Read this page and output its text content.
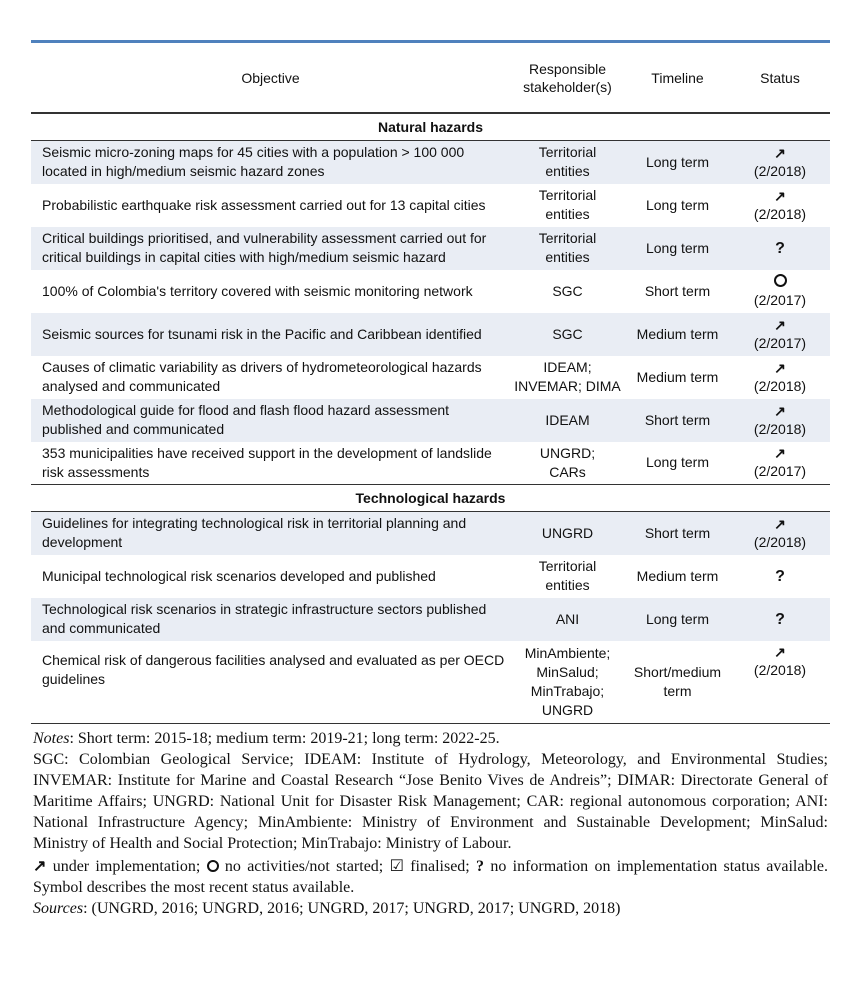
Objective	Responsible stakeholder(s)	Timeline	Status
Natural hazards			
Seismic micro-zoning maps for 45 cities with a population > 100 000 located in high/medium seismic hazard zones	Territorial entities	Long term	↗
(2/2018)
Probabilistic earthquake risk assessment carried out for 13 capital cities	Territorial entities	Long term	↗
(2/2018)
Critical buildings prioritised, and vulnerability assessment carried out for critical buildings in capital cities with high/medium seismic hazard	Territorial entities	Long term	?
100% of Colombia's territory covered with seismic monitoring network	SGC	Short term	(2/2017)
Seismic sources for tsunami risk in the Pacific and Caribbean identified	SGC	Medium term	↗
(2/2017)
Causes of climatic variability as drivers of hydrometeorological hazards analysed and communicated	IDEAM; INVEMAR; DIMA	Medium term	↗
(2/2018)
Methodological guide for flood and flash flood hazard assessment published and communicated	IDEAM	Short term	↗
(2/2018)
353 municipalities have received support in the development of landslide risk assessments	UNGRD; CARs	Long term	↗
(2/2017)
Technological hazards			
Guidelines for integrating technological risk in territorial planning and development	UNGRD	Short term	↗
(2/2018)
Municipal technological risk scenarios developed and published	Territorial entities	Medium term	?
Technological risk scenarios in strategic infrastructure sectors published and communicated	ANI	Long term	?
Chemical risk of dangerous facilities analysed and evaluated as per OECD guidelines	MinAmbiente; MinSalud; MinTrabajo; UNGRD	Short/medium term	↗
(2/2018)

Notes: Short term: 2015-18; medium term: 2019-21; long term: 2022-25.

SGC: Colombian Geological Service; IDEAM: Institute of Hydrology, Meteorology, and Environmental Studies; INVEMAR: Institute for Marine and Coastal Research “Jose Benito Vives de Andreis”; DIMAR: Directorate General of Maritime Affairs; UNGRD: National Unit for Disaster Risk Management; CAR: regional autonomous corporation; ANI: National Infrastructure Agency; MinAmbiente: Ministry of Environment and Sustainable Development; MinSalud: Ministry of Health and Social Protection; MinTrabajo: Ministry of Labour.

↗ under implementation;  no activities/not started; ☑ finalised; ? no information on implementation status available. Symbol describes the most recent status available.

Sources: (UNGRD, 2016; UNGRD, 2016; UNGRD, 2017; UNGRD, 2017; UNGRD, 2018)
